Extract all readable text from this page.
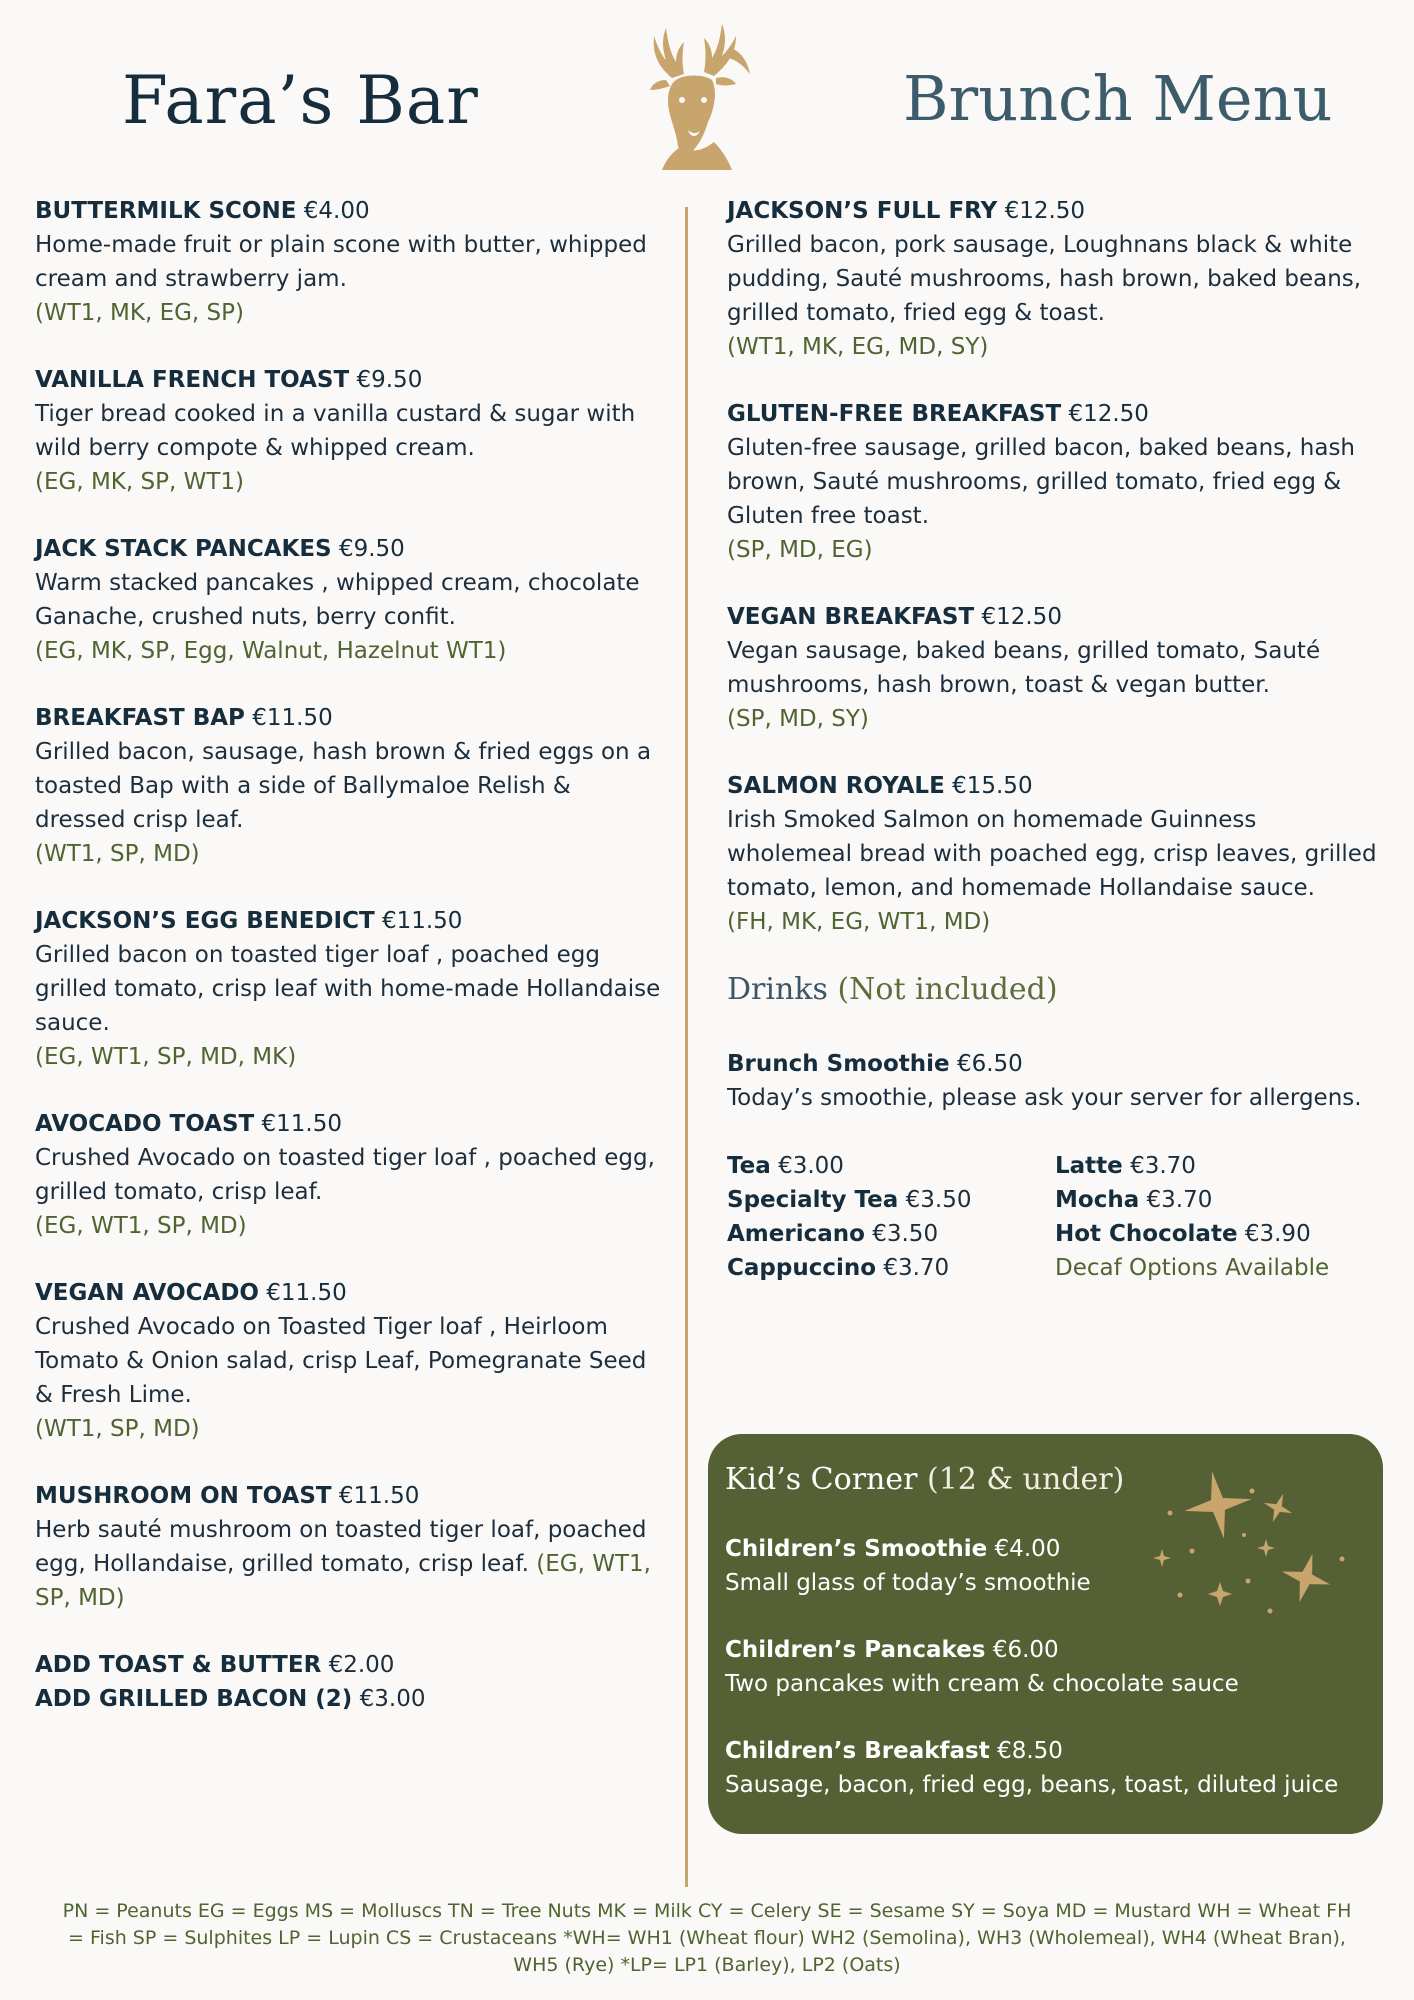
Fara’s Bar	Brunch Menu
BUTTERMILK SCONE €4.00
Home-made fruit or plain scone with butter, whipped cream and strawberry jam.
(WT1, MK, EG, SP)
VANILLA FRENCH TOAST €9.50
Tiger bread cooked in a vanilla custard & sugar with wild berry compote & whipped cream.
(EG, MK, SP, WT1)
JACK STACK PANCAKES €9.50
Warm stacked pancakes , whipped cream, chocolate Ganache, crushed nuts, berry confit.
(EG, MK, SP, Egg, Walnut, Hazelnut WT1)
BREAKFAST BAP €11.50
Grilled bacon, sausage, hash brown & fried eggs on a toasted Bap with a side of Ballymaloe Relish & dressed crisp leaf.
(WT1, SP, MD)
JACKSON’S EGG BENEDICT €11.50
Grilled bacon on toasted tiger loaf , poached egg grilled tomato, crisp leaf with home-made Hollandaise sauce.
(EG, WT1, SP, MD, MK)
AVOCADO TOAST €11.50
Crushed Avocado on toasted tiger loaf , poached egg, grilled tomato, crisp leaf.
(EG, WT1, SP, MD)
VEGAN AVOCADO €11.50
Crushed Avocado on Toasted Tiger loaf , Heirloom Tomato & Onion salad, crisp Leaf, Pomegranate Seed & Fresh Lime.
(WT1, SP, MD)
MUSHROOM ON TOAST €11.50
Herb sauté mushroom on toasted tiger loaf, poached egg, Hollandaise, grilled tomato, crisp leaf. (EG, WT1, SP, MD)
ADD TOAST & BUTTER €2.00
ADD GRILLED BACON (2) €3.00
JACKSON’S FULL FRY €12.50
Grilled bacon, pork sausage, Loughnans black & white pudding, Sauté mushrooms, hash brown, baked beans, grilled tomato, fried egg & toast.
(WT1, MK, EG, MD, SY)
GLUTEN-FREE BREAKFAST €12.50
Gluten-free sausage, grilled bacon, baked beans, hash brown, Sauté mushrooms, grilled tomato, fried egg & Gluten free toast.
(SP, MD, EG)
VEGAN BREAKFAST €12.50
Vegan sausage, baked beans, grilled tomato, Sauté mushrooms, hash brown, toast & vegan butter.
(SP, MD, SY)
SALMON ROYALE €15.50
Irish Smoked Salmon on homemade Guinness wholemeal bread with poached egg, crisp leaves, grilled tomato, lemon, and homemade Hollandaise sauce.
(FH, MK, EG, WT1, MD)
Drinks (Not included)
Brunch Smoothie €6.50
Today’s smoothie, please ask your server for allergens.
Tea €3.00
Specialty Tea €3.50
Americano €3.50
Cappuccino €3.70
Latte €3.70
Mocha €3.70
Hot Chocolate €3.90
Decaf Options Available
Kid’s Corner (12 & under)
Children’s Smoothie €4.00
Small glass of today’s smoothie
Children’s Pancakes €6.00
Two pancakes with cream & chocolate sauce
Children’s Breakfast €8.50
Sausage, bacon, fried egg, beans, toast, diluted juice
PN = Peanuts EG = Eggs MS = Molluscs TN = Tree Nuts MK = Milk CY = Celery SE = Sesame SY = Soya MD = Mustard WH = Wheat FH = Fish SP = Sulphites LP = Lupin CS = Crustaceans *WH= WH1 (Wheat flour) WH2 (Semolina), WH3 (Wholemeal), WH4 (Wheat Bran), WH5 (Rye) *LP= LP1 (Barley), LP2 (Oats)
